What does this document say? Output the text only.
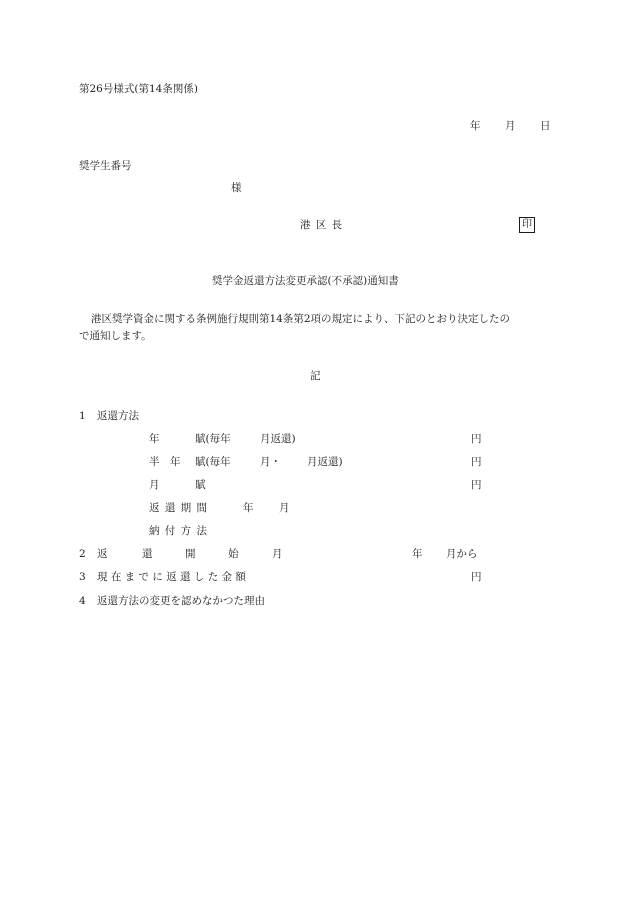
第26号様式(第14条関係)
年 月 日
奨学生番号
様
港 区 長	印
奨学金返還方法変更承認(不承認)通知書
港区奨学資金に関する条例施行規則第14条第2項の規定により、下記のとおり決定したの
で通知します。
記
1 返還方法
年	賦(毎年	月返還)	円
半　年 賦(毎年	月・ 月返還)	円
月	賦	円
返 還 期 間	年 月
納 付 方 法
2 返	還	開	始	月	年 月から
3 現 在 ま で に 返 還 し た 金 額	円
4 返還方法の変更を認めなかつた理由
